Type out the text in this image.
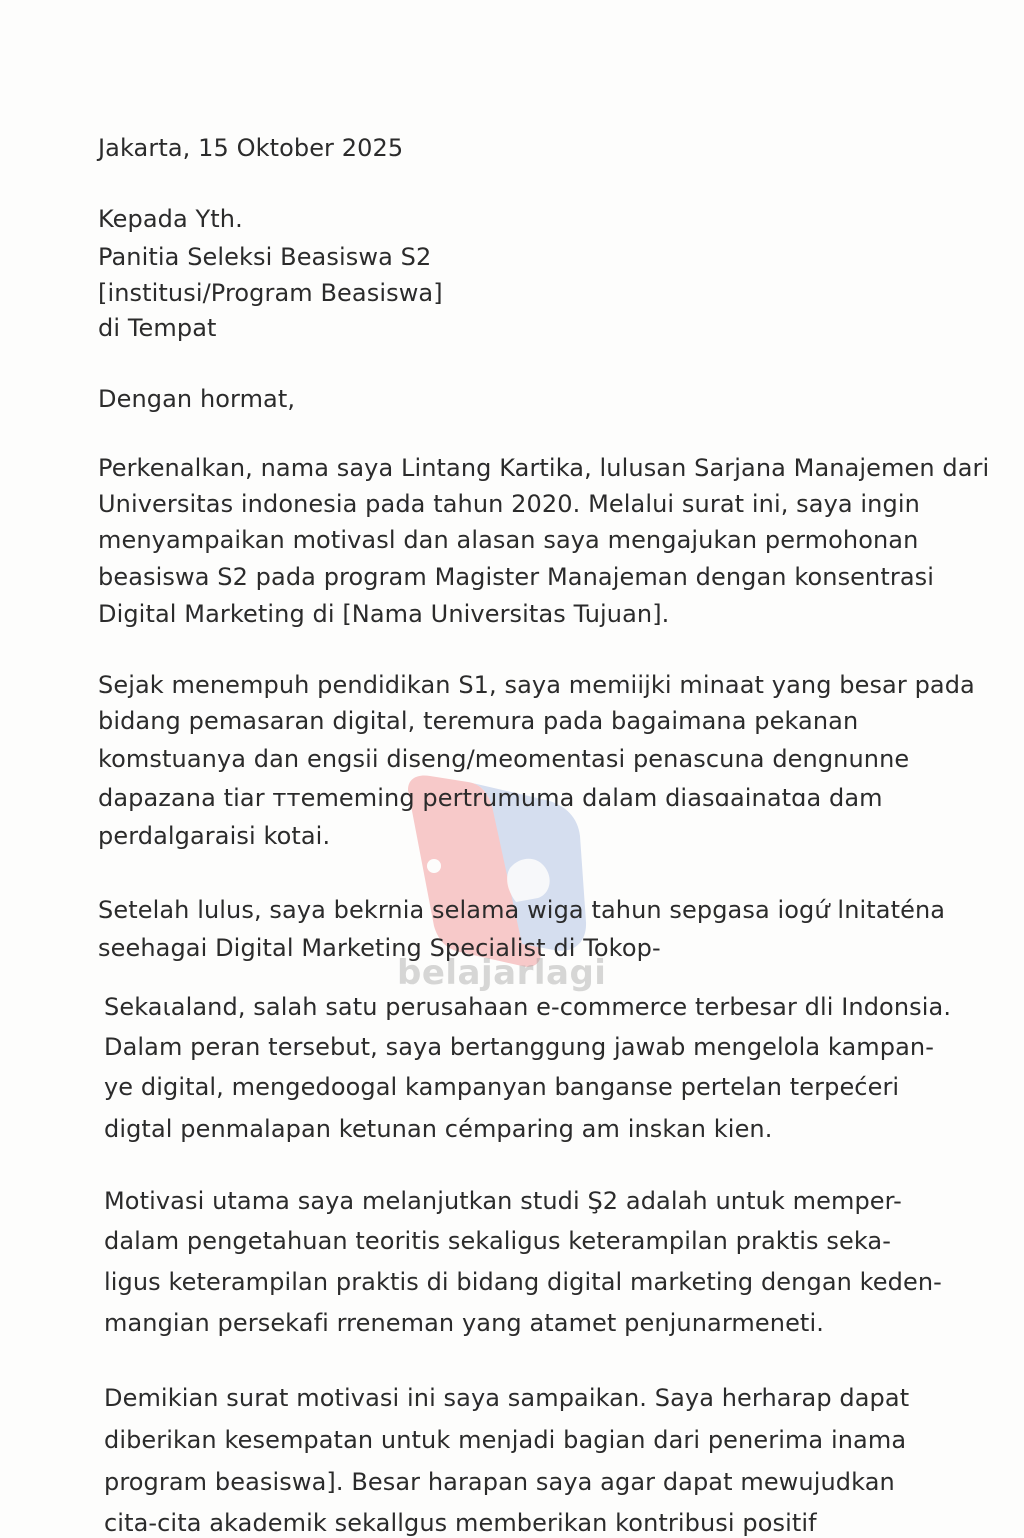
belajarlagi
Jakarta, 15 Oktober 2025
Kepada Yth.
Panitia Seleksi Beasiswa S2
[institusi/Program Beasiswa]
di Tempat
Dengan hormat,
Perkenalkan, nama saya Lintang Kartika, lulusan Sarjana Manajemen dari
Universitas indonesia pada tahun 2020. Melalui surat ini, saya ingin
menyampaikan motivasl dan alasan saya mengajukan permohonan
beasiswa S2 pada program Magister Manajeman dengan konsentrasi
Digital Marketing di [Nama Universitas Tujuan].
Sejak menempuh pendidikan S1, saya memiijki minaat yang besar pada
bidang pemasaran digital, teremura pada bagaimana pekanan
komstuanya dan engsii diseng/meomentasi penascuna dengnunne
dapazana tiar ттememing pertrumuma dalam diasɑainatɑa dam
perdalgaraisi kotai.
Setelah lulus, saya bekrnia selama wiga tahun sepgasa iogứ lnitaténa
seehagai Digital Marketing Specialist di Tokop-
Sekaιaland, salah satu perusahaan e-commerce terbesar dli Indonsia.
Dalam peran tersebut, saya bertanggung jawab mengelola kampan-
ye digital, mengedoogal kampanyan banganse pertelan terpećeri
digtal penmalapan ketunan cémparing am inskan kien.
Motivasi utama saya melanjutkan studi Ş2 adalah untuk memper-
dalam pengetahuan teoritis sekaligus keterampilan praktis seka-
ligus keterampilan praktis di bidang digital marketing dengan keden-
mangian persekafi rreneman yang atamet penjunarmeneti.
Demikian surat motivasi ini saya sampaikan. Saya herharap dapat
diberikan kesempatan untuk menjadi bagian dari penerima inama
program beasiswa]. Besar harapan saya agar dapat mewujudkan
cita-cita akademik sekallgus memberikan kontribusi positif
